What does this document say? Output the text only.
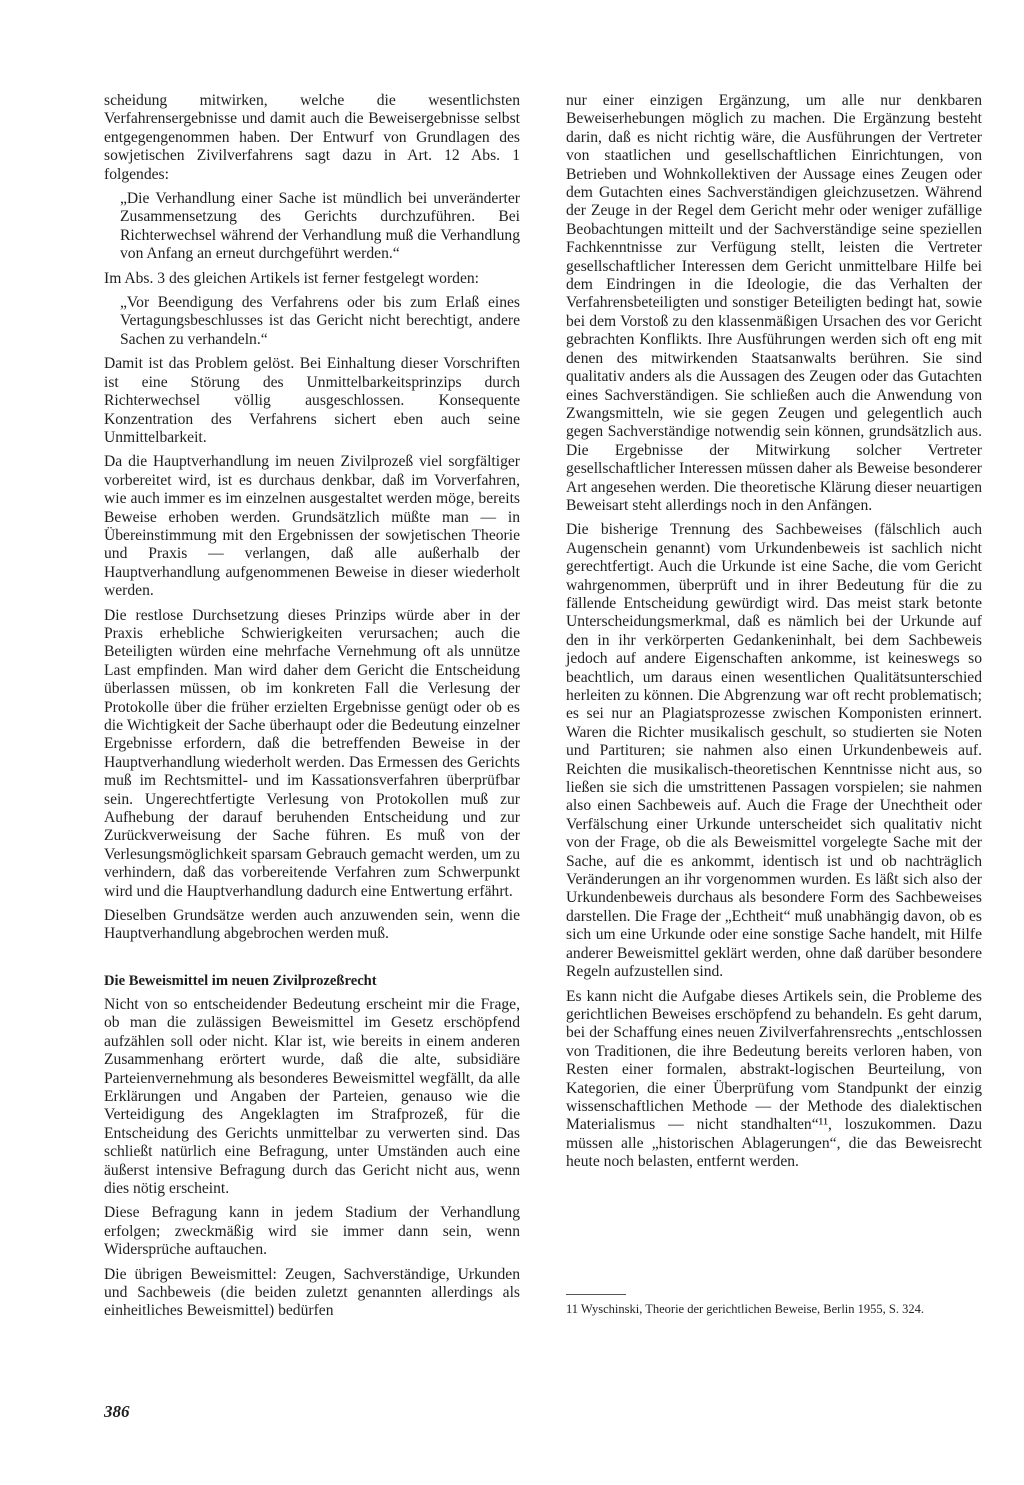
scheidung mitwirken, welche die wesentlichsten Verfahrensergebnisse und damit auch die Beweisergebnisse selbst entgegengenommen haben. Der Entwurf von Grundlagen des sowjetischen Zivilverfahrens sagt dazu in Art. 12 Abs. 1 folgendes:

„Die Verhandlung einer Sache ist mündlich bei unveränderter Zusammensetzung des Gerichts durchzuführen. Bei Richterwechsel während der Verhandlung muß die Verhandlung von Anfang an erneut durchgeführt werden.“

Im Abs. 3 des gleichen Artikels ist ferner festgelegt worden:

„Vor Beendigung des Verfahrens oder bis zum Erlaß eines Vertagungsbeschlusses ist das Gericht nicht berechtigt, andere Sachen zu verhandeln.“

Damit ist das Problem gelöst. Bei Einhaltung dieser Vorschriften ist eine Störung des Unmittelbarkeitsprinzips durch Richterwechsel völlig ausgeschlossen. Konsequente Konzentration des Verfahrens sichert eben auch seine Unmittelbarkeit.

Da die Hauptverhandlung im neuen Zivilprozeß viel sorgfältiger vorbereitet wird, ist es durchaus denkbar, daß im Vorverfahren, wie auch immer es im einzelnen ausgestaltet werden möge, bereits Beweise erhoben werden. Grundsätzlich müßte man — in Übereinstimmung mit den Ergebnissen der sowjetischen Theorie und Praxis — verlangen, daß alle außerhalb der Hauptverhandlung aufgenommenen Beweise in dieser wiederholt werden.

Die restlose Durchsetzung dieses Prinzips würde aber in der Praxis erhebliche Schwierigkeiten verursachen; auch die Beteiligten würden eine mehrfache Vernehmung oft als unnütze Last empfinden. Man wird daher dem Gericht die Entscheidung überlassen müssen, ob im konkreten Fall die Verlesung der Protokolle über die früher erzielten Ergebnisse genügt oder ob es die Wichtigkeit der Sache überhaupt oder die Bedeutung einzelner Ergebnisse erfordern, daß die betreffenden Beweise in der Hauptverhandlung wiederholt werden. Das Ermessen des Gerichts muß im Rechtsmittel- und im Kassationsverfahren überprüfbar sein. Ungerechtfertigte Verlesung von Protokollen muß zur Aufhebung der darauf beruhenden Entscheidung und zur Zurückverweisung der Sache führen. Es muß von der Verlesungsmöglichkeit sparsam Gebrauch gemacht werden, um zu verhindern, daß das vorbereitende Verfahren zum Schwerpunkt wird und die Hauptverhandlung dadurch eine Entwertung erfährt.

Dieselben Grundsätze werden auch anzuwenden sein, wenn die Hauptverhandlung abgebrochen werden muß.

Die Beweismittel im neuen Zivilprozeßrecht

Nicht von so entscheidender Bedeutung erscheint mir die Frage, ob man die zulässigen Beweismittel im Gesetz erschöpfend aufzählen soll oder nicht. Klar ist, wie bereits in einem anderen Zusammenhang erörtert wurde, daß die alte, subsidiäre Parteienvernehmung als besonderes Beweismittel wegfällt, da alle Erklärungen und Angaben der Parteien, genauso wie die Verteidigung des Angeklagten im Strafprozeß, für die Entscheidung des Gerichts unmittelbar zu verwerten sind. Das schließt natürlich eine Befragung, unter Umständen auch eine äußerst intensive Befragung durch das Gericht nicht aus, wenn dies nötig erscheint.

Diese Befragung kann in jedem Stadium der Verhandlung erfolgen; zweckmäßig wird sie immer dann sein, wenn Widersprüche auftauchen.

Die übrigen Beweismittel: Zeugen, Sachverständige, Urkunden und Sachbeweis (die beiden zuletzt genannten allerdings als einheitliches Beweismittel) bedürfen

nur einer einzigen Ergänzung, um alle nur denkbaren Beweiserhebungen möglich zu machen. Die Ergänzung besteht darin, daß es nicht richtig wäre, die Ausführungen der Vertreter von staatlichen und gesellschaftlichen Einrichtungen, von Betrieben und Wohnkollektiven der Aussage eines Zeugen oder dem Gutachten eines Sachverständigen gleichzusetzen. Während der Zeuge in der Regel dem Gericht mehr oder weniger zufällige Beobachtungen mitteilt und der Sachverständige seine speziellen Fachkenntnisse zur Verfügung stellt, leisten die Vertreter gesellschaftlicher Interessen dem Gericht unmittelbare Hilfe bei dem Eindringen in die Ideologie, die das Verhalten der Verfahrensbeteiligten und sonstiger Beteiligten bedingt hat, sowie bei dem Vorstoß zu den klassenmäßigen Ursachen des vor Gericht gebrachten Konflikts. Ihre Ausführungen werden sich oft eng mit denen des mitwirkenden Staatsanwalts berühren. Sie sind qualitativ anders als die Aussagen des Zeugen oder das Gutachten eines Sachverständigen. Sie schließen auch die Anwendung von Zwangsmitteln, wie sie gegen Zeugen und gelegentlich auch gegen Sachverständige notwendig sein können, grundsätzlich aus. Die Ergebnisse der Mitwirkung solcher Vertreter gesellschaftlicher Interessen müssen daher als Beweise besonderer Art angesehen werden. Die theoretische Klärung dieser neuartigen Beweisart steht allerdings noch in den Anfängen.

Die bisherige Trennung des Sachbeweises (fälschlich auch Augenschein genannt) vom Urkundenbeweis ist sachlich nicht gerechtfertigt. Auch die Urkunde ist eine Sache, die vom Gericht wahrgenommen, überprüft und in ihrer Bedeutung für die zu fällende Entscheidung gewürdigt wird. Das meist stark betonte Unterscheidungsmerkmal, daß es nämlich bei der Urkunde auf den in ihr verkörperten Gedankeninhalt, bei dem Sachbeweis jedoch auf andere Eigenschaften ankomme, ist keineswegs so beachtlich, um daraus einen wesentlichen Qualitätsunterschied herleiten zu können. Die Abgrenzung war oft recht problematisch; es sei nur an Plagiatsprozesse zwischen Komponisten erinnert. Waren die Richter musikalisch geschult, so studierten sie Noten und Partituren; sie nahmen also einen Urkundenbeweis auf. Reichten die musikalisch-theoretischen Kenntnisse nicht aus, so ließen sie sich die umstrittenen Passagen vorspielen; sie nahmen also einen Sachbeweis auf. Auch die Frage der Unechtheit oder Verfälschung einer Urkunde unterscheidet sich qualitativ nicht von der Frage, ob die als Beweismittel vorgelegte Sache mit der Sache, auf die es ankommt, identisch ist und ob nachträglich Veränderungen an ihr vorgenommen wurden. Es läßt sich also der Urkundenbeweis durchaus als besondere Form des Sachbeweises darstellen. Die Frage der „Echtheit“ muß unabhängig davon, ob es sich um eine Urkunde oder eine sonstige Sache handelt, mit Hilfe anderer Beweismittel geklärt werden, ohne daß darüber besondere Regeln aufzustellen sind.

Es kann nicht die Aufgabe dieses Artikels sein, die Probleme des gerichtlichen Beweises erschöpfend zu behandeln. Es geht darum, bei der Schaffung eines neuen Zivilverfahrensrechts „entschlossen von Traditionen, die ihre Bedeutung bereits verloren haben, von Resten einer formalen, abstrakt-logischen Beurteilung, von Kategorien, die einer Überprüfung vom Standpunkt der einzig wissenschaftlichen Methode — der Methode des dialektischen Materialismus — nicht standhalten“¹¹, loszukommen. Dazu müssen alle „historischen Ablagerungen“, die das Beweisrecht heute noch belasten, entfernt werden.

11 Wyschinski, Theorie der gerichtlichen Beweise, Berlin 1955, S. 324.
386
